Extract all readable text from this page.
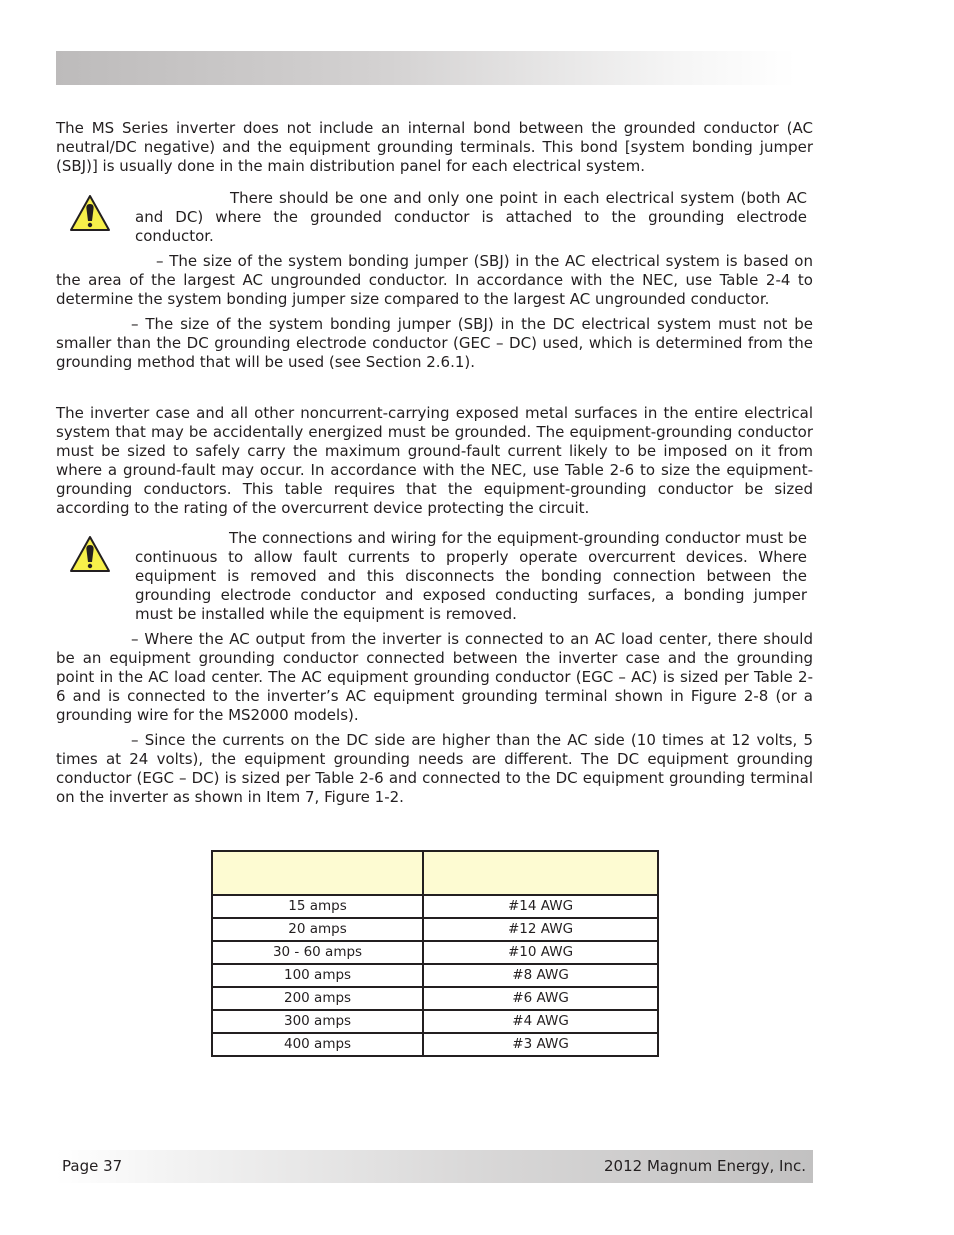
The MS Series inverter does not include an internal bond between the grounded conductor (AC neutral/DC negative) and the equipment grounding terminals. This bond [system bonding jumper (SBJ)] is usually done in the main distribution panel for each electrical system.

There should be one and only one point in each electrical system (both AC and DC) where the grounded conductor is attached to the grounding electrode conductor.

– The size of the system bonding jumper (SBJ) in the AC electrical system is based on the area of the largest AC ungrounded conductor. In accordance with the NEC, use Table 2-4 to determine the system bonding jumper size compared to the largest AC ungrounded conductor.

– The size of the system bonding jumper (SBJ) in the DC electrical system must not be smaller than the DC grounding electrode conductor (GEC – DC) used, which is determined from the grounding method that will be used (see Section 2.6.1).

The inverter case and all other noncurrent-carrying exposed metal surfaces in the entire electrical system that may be accidentally energized must be grounded. The equipment-grounding conductor must be sized to safely carry the maximum ground-fault current likely to be imposed on it from where a ground-fault may occur. In accordance with the NEC, use Table 2-6 to size the equipment-grounding conductors. This table requires that the equipment-grounding conductor be sized according to the rating of the overcurrent device protecting the circuit.

The connections and wiring for the equipment-grounding conductor must be continuous to allow fault currents to properly operate overcurrent devices. Where equipment is removed and this disconnects the bonding connection between the grounding electrode conductor and exposed conducting surfaces, a bonding jumper must be installed while the equipment is removed.

– Where the AC output from the inverter is connected to an AC load center, there should be an equipment grounding conductor connected between the inverter case and the grounding point in the AC load center. The AC equipment grounding conductor (EGC – AC) is sized per Table 2-6 and is connected to the inverter’s AC equipment grounding terminal shown in Figure 2-8 (or a grounding wire for the MS2000 models).

– Since the currents on the DC side are higher than the AC side (10 times at 12 volts, 5 times at 24 volts), the equipment grounding needs are different. The DC equipment grounding conductor (EGC – DC) is sized per Table 2-6 and connected to the DC equipment grounding terminal on the inverter as shown in Item 7, Figure 1-2.

15 amps	#14 AWG
20 amps	#12 AWG
30 - 60 amps	#10 AWG
100 amps	#8 AWG
200 amps	#6 AWG
300 amps	#4 AWG
400 amps	#3 AWG
Page 37	2012 Magnum Energy, Inc.
